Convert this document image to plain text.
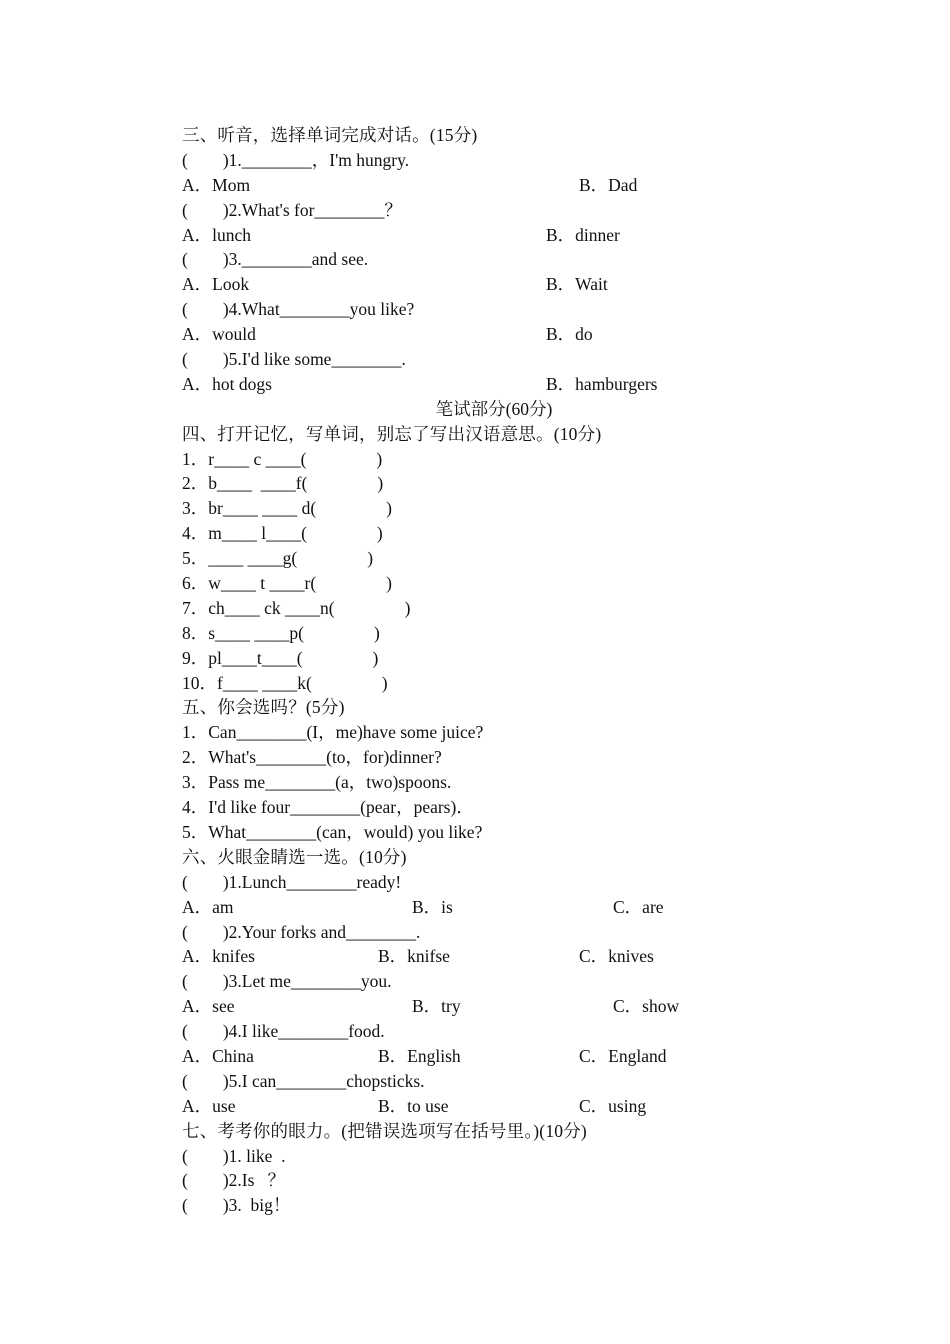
三、听音，选择单词完成对话。(15分)
(　　)1.________，I'm hungry.

A．Mom

	B．Dad

(　　)2.What's for________？

A．lunch

	B．dinner

(　　)3.________and see.

A．Look

	B．Wait

(　　)4.What________you like?

A．would

	B．do

(　　)5.I'd like some________.

A．hot dogs

	B．hamburgers

笔试部分(60分)
四、打开记忆，写单词，别忘了写出汉语意思。(10分)
1．r____ c ____(　　　　)
2．b____  ____f(　　　　)
3．br____ ____ d(　　　　)
4．m____ l____(　　　　)
5．____ ____g(　　　　)
6．w____ t ____r(　　　　)
7．ch____ ck ____n(　　　　)
8．s____ ____p(　　　　)
9．pl____t____(　　　　)
10．f____ ____k(　　　　)
五、你会选吗？(5分)
1．Can________(I，me)have some juice?
2．What's________(to，for)dinner?
3．Pass me________(a，two)spoons.
4．I'd like four________(pear，pears)．
5．What________(can，would) you like?
六、火眼金睛选一选。(10分)
(　　)1.Lunch________ready!

A．am

	B．is

	C．are

(　　)2.Your forks and________.

A．knifes

	B．knifse

	C．knives

(　　)3.Let me________you.

A．see

	B．try

	C．show

(　　)4.I like________food.

A．China

	B．English

	C．England

(　　)5.I can________chopsticks.

A．use

	B．to use

	C．using

七、考考你的眼力。(把错误选项写在括号里。)(10分)
(　　)1. like  .
(　　)2.Is   ？
(　　)3.  big！
